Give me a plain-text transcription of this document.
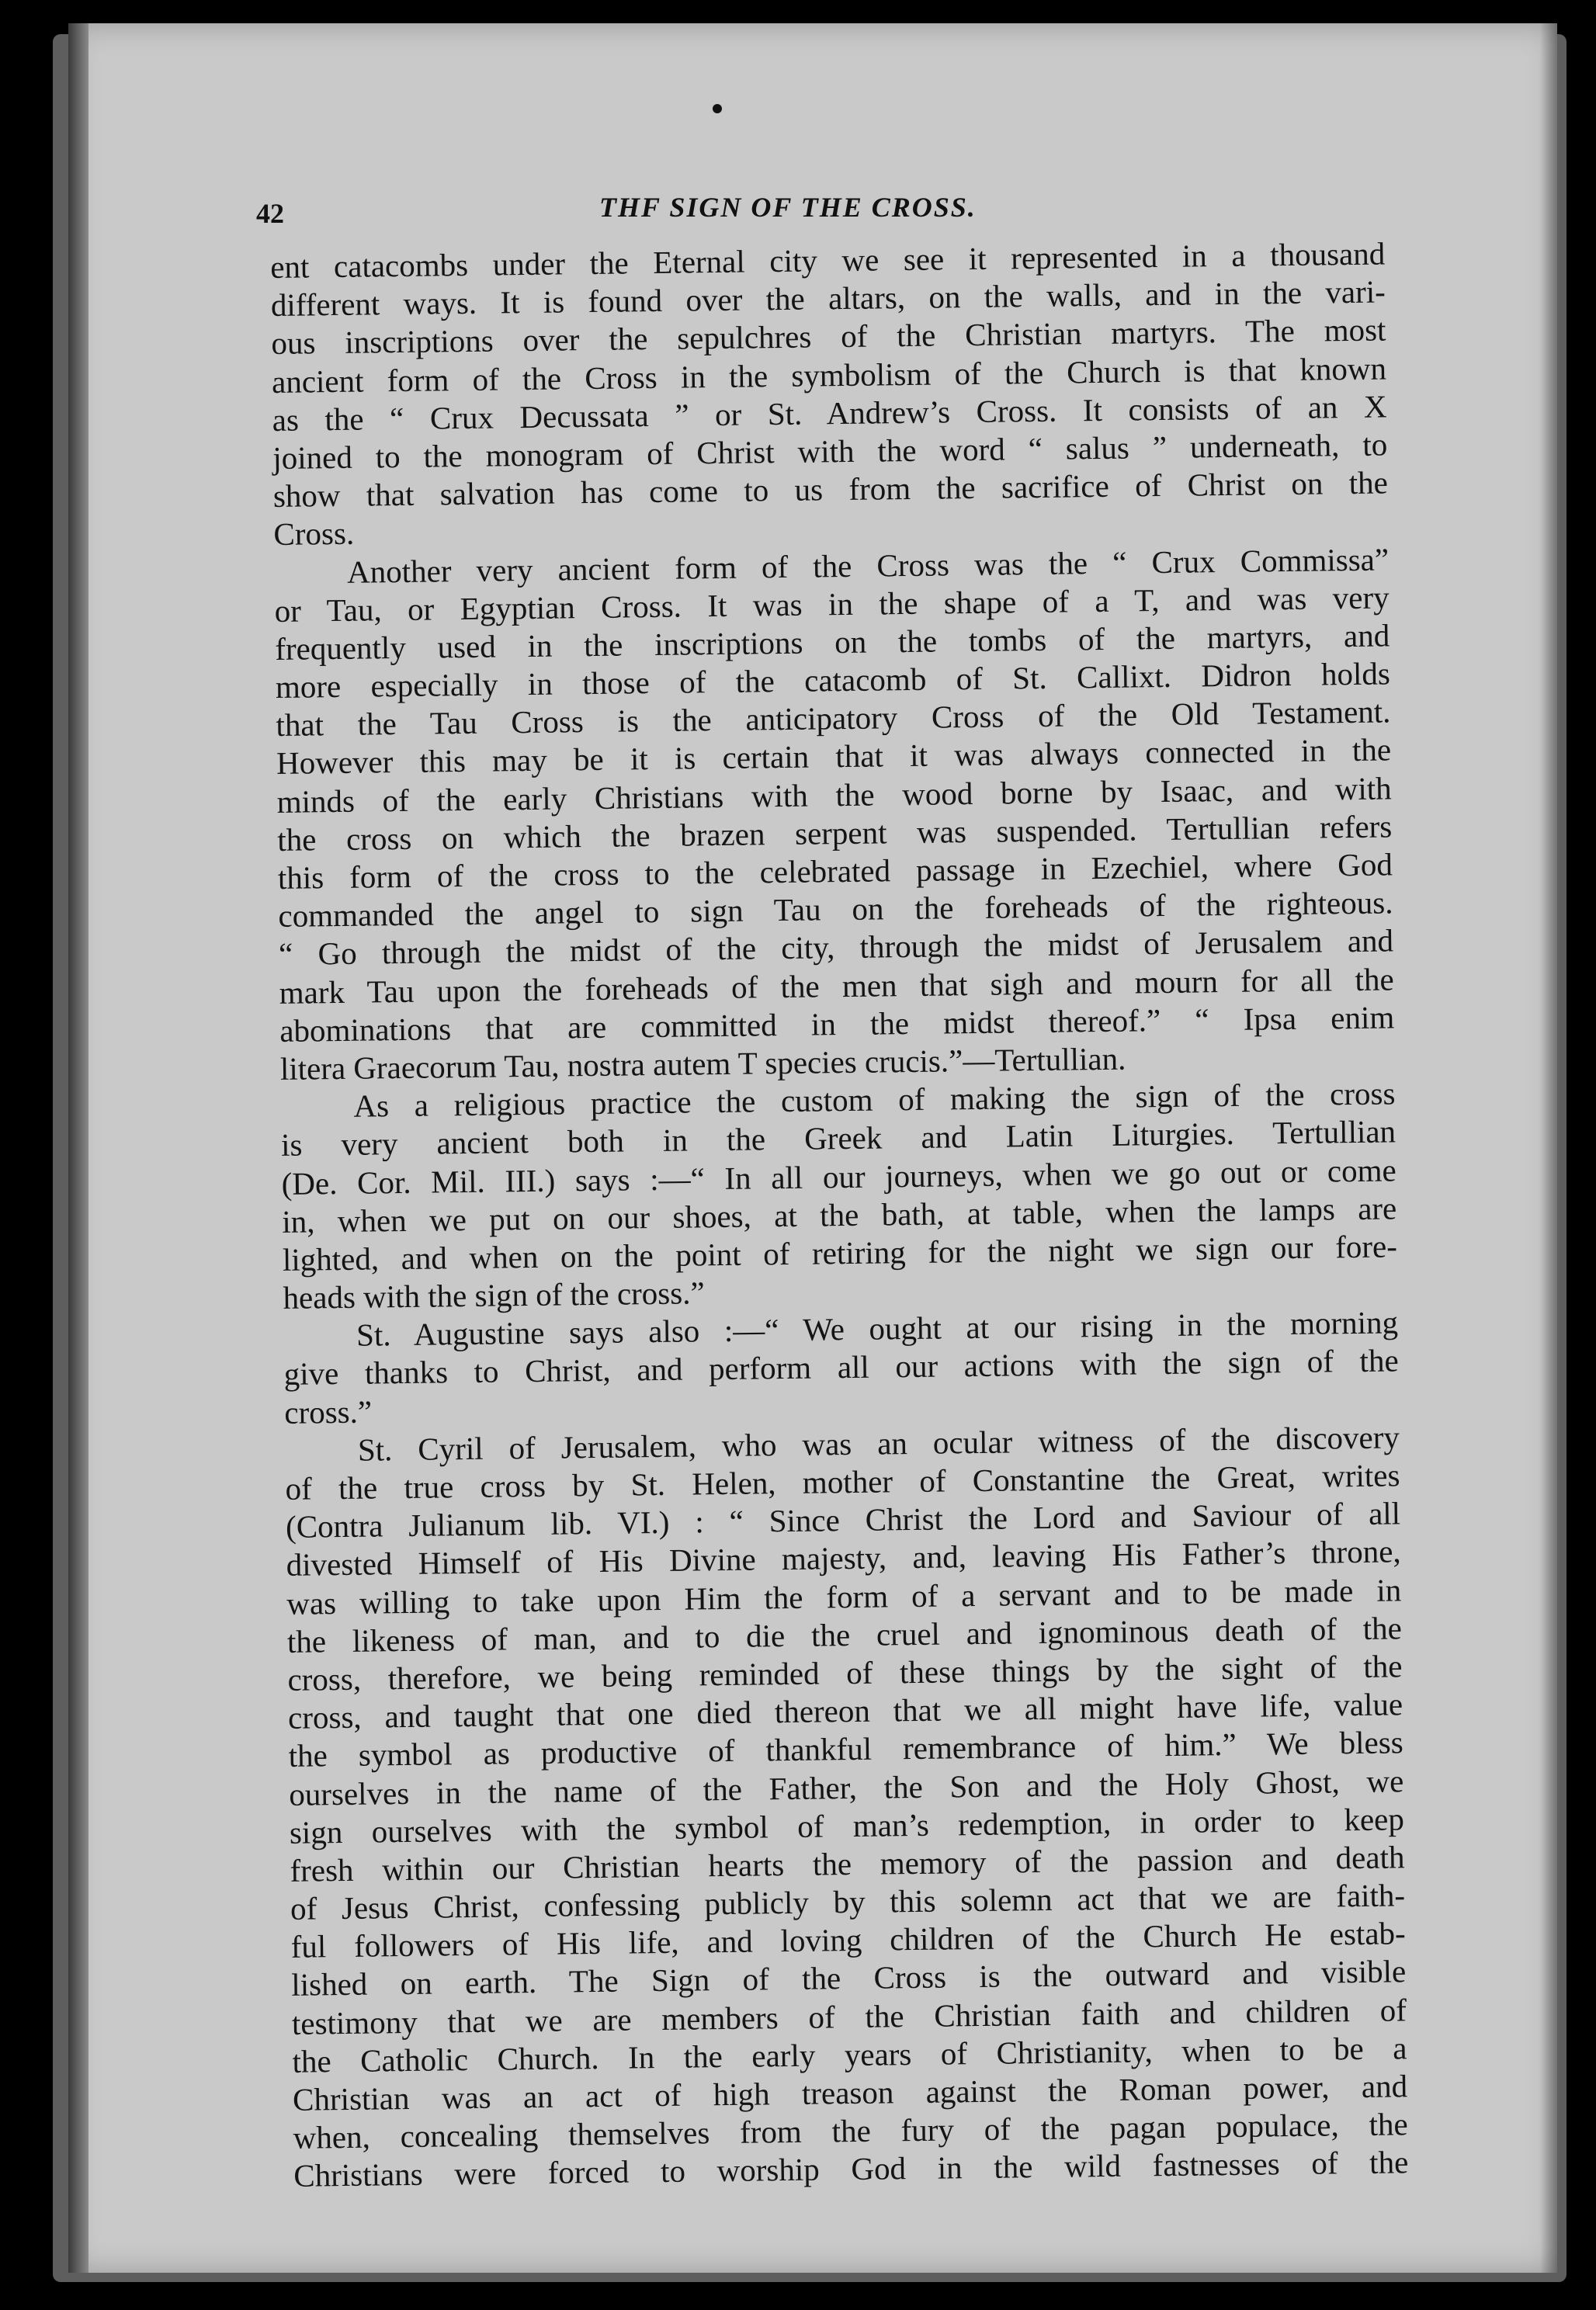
42	THF SIGN OF THE CROSS.
ent catacombs under the Eternal city we see it represented in a thousand
different ways. It is found over the altars, on the walls, and in the vari-
ous inscriptions over the sepulchres of the Christian martyrs. The most
ancient form of the Cross in the symbolism of the Church is that known
as the “ Crux Decussata ” or St. Andrew’s Cross. It consists of an X
joined to the monogram of Christ with the word “ salus ” underneath, to
show that salvation has come to us from the sacrifice of Christ on the
Cross.
Another very ancient form of the Cross was the “ Crux Commissa”
or Tau, or Egyptian Cross. It was in the shape of a T, and was very
frequently used in the inscriptions on the tombs of the martyrs, and
more especially in those of the catacomb of St. Callixt. Didron holds
that the Tau Cross is the anticipatory Cross of the Old Testament.
However this may be it is certain that it was always connected in the
minds of the early Christians with the wood borne by Isaac, and with
the cross on which the brazen serpent was suspended. Tertullian refers
this form of the cross to the celebrated passage in Ezechiel, where God
commanded the angel to sign Tau on the foreheads of the righteous.
“ Go through the midst of the city, through the midst of Jerusalem and
mark Tau upon the foreheads of the men that sigh and mourn for all the
abominations that are committed in the midst thereof.” “ Ipsa enim
litera Graecorum Tau, nostra autem T species crucis.”—Tertullian.
As a religious practice the custom of making the sign of the cross
is very ancient both in the Greek and Latin Liturgies. Tertullian
(De. Cor. Mil. III.) says :—“ In all our journeys, when we go out or come
in, when we put on our shoes, at the bath, at table, when the lamps are
lighted, and when on the point of retiring for the night we sign our fore-
heads with the sign of the cross.”
St. Augustine says also :—“ We ought at our rising in the morning
give thanks to Christ, and perform all our actions with the sign of the
cross.”
St. Cyril of Jerusalem, who was an ocular witness of the discovery
of the true cross by St. Helen, mother of Constantine the Great, writes
(Contra Julianum lib. VI.) : “ Since Christ the Lord and Saviour of all
divested Himself of His Divine majesty, and, leaving His Father’s throne,
was willing to take upon Him the form of a servant and to be made in
the likeness of man, and to die the cruel and ignominous death of the
cross, therefore, we being reminded of these things by the sight of the
cross, and taught that one died thereon that we all might have life, value
the symbol as productive of thankful remembrance of him.” We bless
ourselves in the name of the Father, the Son and the Holy Ghost, we
sign ourselves with the symbol of man’s redemption, in order to keep
fresh within our Christian hearts the memory of the passion and death
of Jesus Christ, confessing publicly by this solemn act that we are faith-
ful followers of His life, and loving children of the Church He estab-
lished on earth. The Sign of the Cross is the outward and visible
testimony that we are members of the Christian faith and children of
the Catholic Church. In the early years of Christianity, when to be a
Christian was an act of high treason against the Roman power, and
when, concealing themselves from the fury of the pagan populace, the
Christians were forced to worship God in the wild fastnesses of the
